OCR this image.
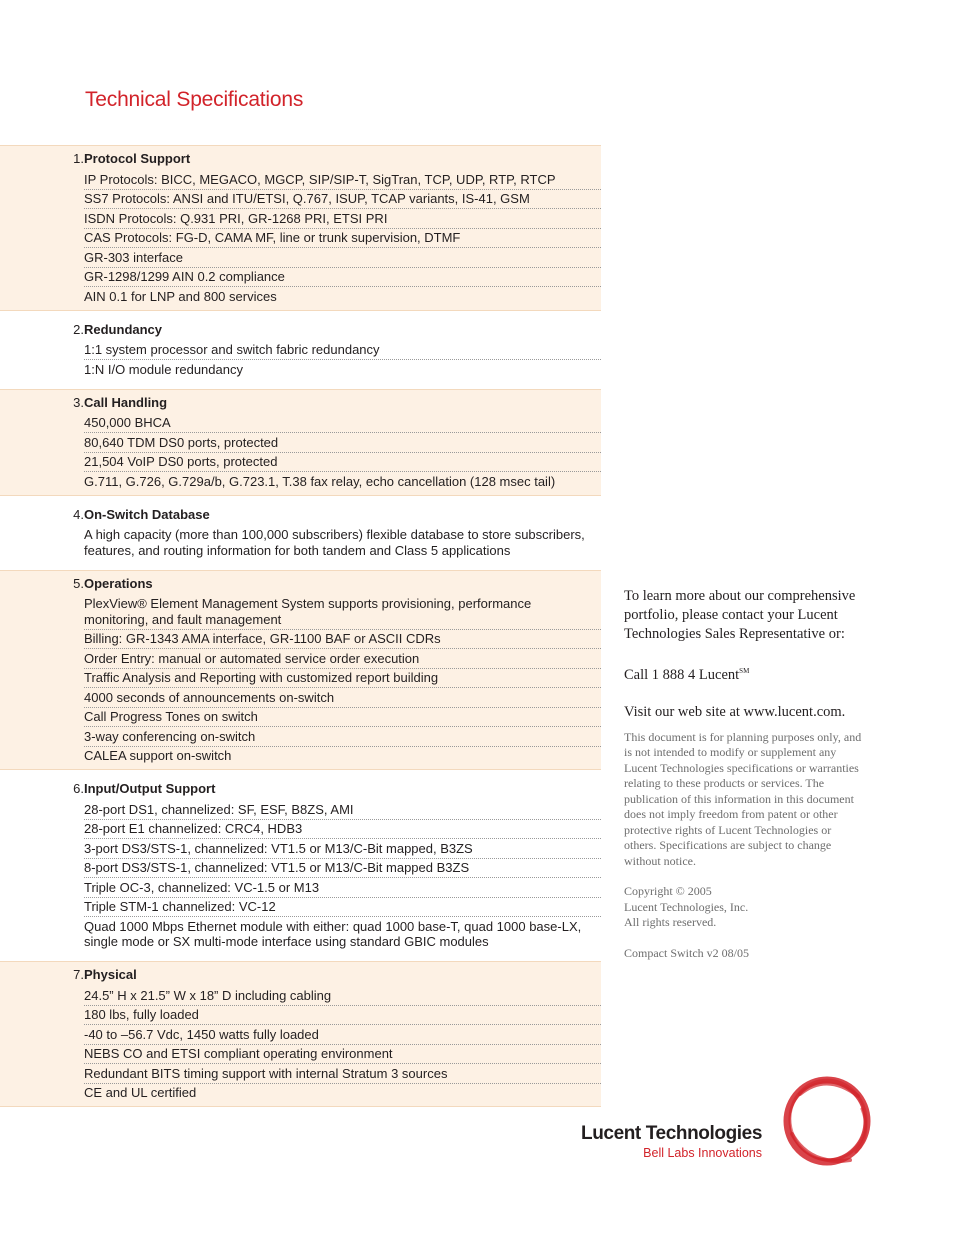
Technical Specifications
1. Protocol Support
IP Protocols: BICC, MEGACO, MGCP, SIP/SIP-T, SigTran, TCP, UDP, RTP, RTCP
SS7 Protocols: ANSI and ITU/ETSI, Q.767, ISUP, TCAP variants, IS-41, GSM
ISDN Protocols: Q.931 PRI, GR-1268 PRI, ETSI PRI
CAS Protocols: FG-D, CAMA MF, line or trunk supervision, DTMF
GR-303 interface
GR-1298/1299 AIN 0.2 compliance
AIN 0.1 for LNP and 800 services
2. Redundancy
1:1 system processor and switch fabric redundancy
1:N I/O module redundancy
3. Call Handling
450,000 BHCA
80,640 TDM DS0 ports, protected
21,504 VoIP DS0 ports, protected
G.711, G.726, G.729a/b, G.723.1, T.38 fax relay, echo cancellation (128 msec tail)
4. On-Switch Database
A high capacity (more than 100,000 subscribers) flexible database to store subscribers, features, and routing information for both tandem and Class 5 applications
5. Operations
PlexView® Element Management System supports provisioning, performance monitoring, and fault management
Billing: GR-1343 AMA interface, GR-1100 BAF or ASCII CDRs
Order Entry: manual or automated service order execution
Traffic Analysis and Reporting with customized report building
4000 seconds of announcements on-switch
Call Progress Tones on switch
3-way conferencing on-switch
CALEA support on-switch
6. Input/Output Support
28-port DS1, channelized: SF, ESF, B8ZS, AMI
28-port E1 channelized: CRC4, HDB3
3-port DS3/STS-1, channelized: VT1.5 or M13/C-Bit mapped, B3ZS
8-port DS3/STS-1, channelized: VT1.5 or M13/C-Bit mapped B3ZS
Triple OC-3, channelized: VC-1.5 or M13
Triple STM-1 channelized: VC-12
Quad 1000 Mbps Ethernet module with either: quad 1000 base-T, quad 1000 base-LX, single mode or SX multi-mode interface using standard GBIC modules
7. Physical
24.5” H x 21.5” W x 18” D including cabling
180 lbs, fully loaded
-40 to –56.7 Vdc, 1450 watts fully loaded
NEBS CO and ETSI compliant operating environment
Redundant BITS timing support with internal Stratum 3 sources
CE and UL certified

To learn more about our comprehensive portfolio, please contact your Lucent Technologies Sales Representative or:

Call 1 888 4 Lucent℠

Visit our web site at www.lucent.com.

This document is for planning purposes only, and is not intended to modify or supplement any Lucent Technologies specifications or warranties relating to these products or services. The publication of this information in this document does not imply freedom from patent or other protective rights of Lucent Technologies or others. Specifications are subject to change without notice.

Copyright © 2005
Lucent Technologies, Inc.
All rights reserved.

Compact Switch v2 08/05

Lucent Technologies
Bell Labs Innovations
